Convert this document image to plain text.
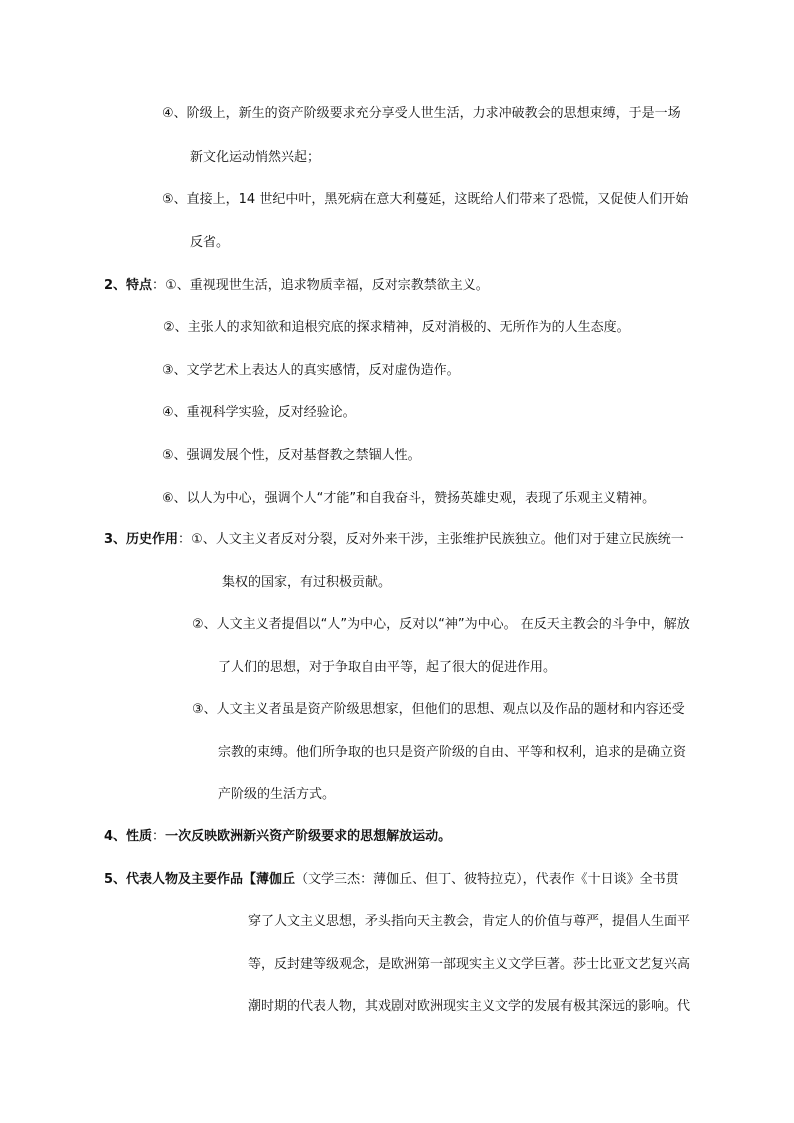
④、阶级上，新生的资产阶级要求充分享受人世生活，力求冲破教会的思想束缚，于是一场
新文化运动悄然兴起；
⑤、直接上，14 世纪中叶，黑死病在意大利蔓延，这既给人们带来了恐慌，又促使人们开始
反省。
2、特点：①、重视现世生活，追求物质幸福，反对宗教禁欲主义。
②、主张人的求知欲和追根究底的探求精神，反对消极的、无所作为的人生态度。
③、文学艺术上表达人的真实感情，反对虚伪造作。
④、重视科学实验，反对经验论。
⑤、强调发展个性，反对基督教之禁锢人性。
⑥、以人为中心，强调个人“才能”和自我奋斗，赞扬英雄史观，表现了乐观主义精神。
3、历史作用：①、人文主义者反对分裂，反对外来干涉，主张维护民族独立。他们对于建立民族统一
集权的国家，有过积极贡献。
②、人文主义者提倡以“人”为中心，反对以“神”为中心。 在反天主教会的斗争中，解放
了人们的思想，对于争取自由平等，起了很大的促进作用。
③、人文主义者虽是资产阶级思想家，但他们的思想、观点以及作品的题材和内容还受
宗教的束缚。他们所争取的也只是资产阶级的自由、平等和权利，追求的是确立资
产阶级的生活方式。
4、性质：一次反映欧洲新兴资产阶级要求的思想解放运动。
5、代表人物及主要作品【薄伽丘（文学三杰：薄伽丘、但丁、彼特拉克），代表作《十日谈》全书贯
穿了人文主义思想，矛头指向天主教会，肯定人的价值与尊严，提倡人生面平
等，反封建等级观念，是欧洲第一部现实主义文学巨著。莎士比亚文艺复兴高
潮时期的代表人物，其戏剧对欧洲现实主义文学的发展有极其深远的影响。代
